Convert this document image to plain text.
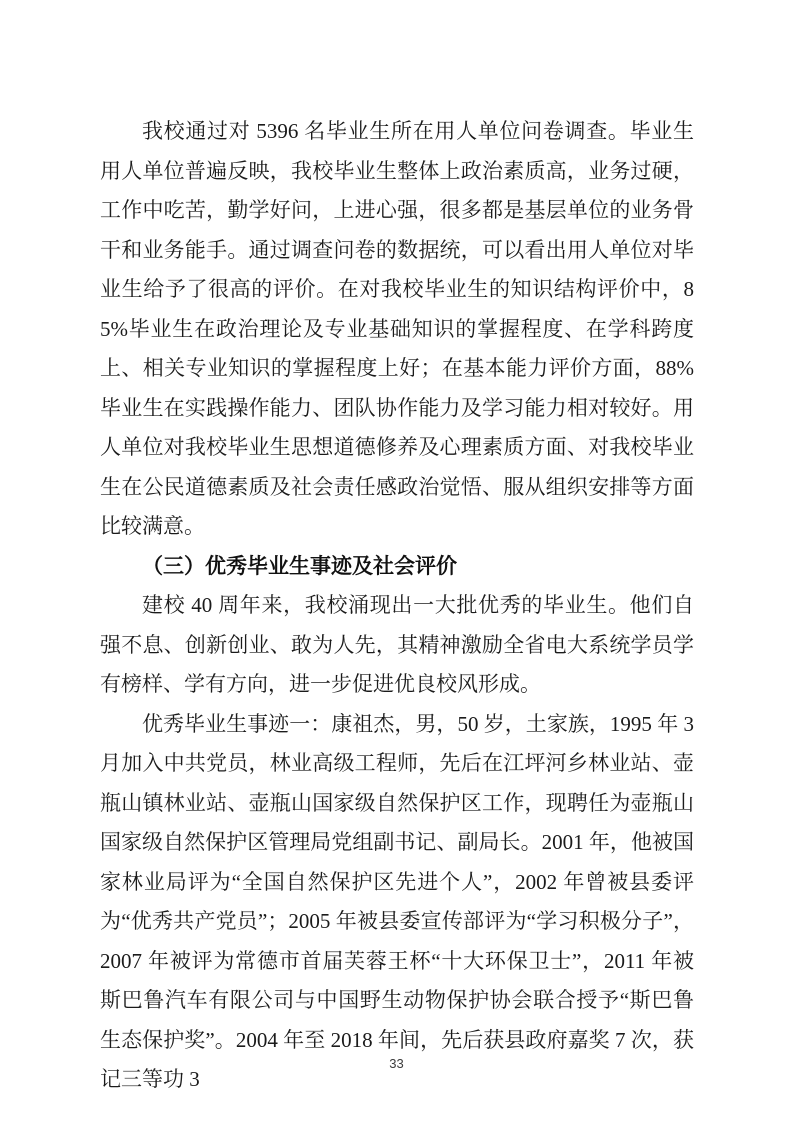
我校通过对 5396 名毕业生所在用人单位问卷调查。毕业生用人单位普遍反映，我校毕业生整体上政治素质高，业务过硬，工作中吃苦，勤学好问，上进心强，很多都是基层单位的业务骨干和业务能手。通过调查问卷的数据统，可以看出用人单位对毕业生给予了很高的评价。在对我校毕业生的知识结构评价中，85%毕业生在政治理论及专业基础知识的掌握程度、在学科跨度上、相关专业知识的掌握程度上好；在基本能力评价方面，88%毕业生在实践操作能力、团队协作能力及学习能力相对较好。用人单位对我校毕业生思想道德修养及心理素质方面、对我校毕业生在公民道德素质及社会责任感政治觉悟、服从组织安排等方面比较满意。

（三）优秀毕业生事迹及社会评价

建校 40 周年来，我校涌现出一大批优秀的毕业生。他们自强不息、创新创业、敢为人先，其精神激励全省电大系统学员学有榜样、学有方向，进一步促进优良校风形成。

优秀毕业生事迹一：康祖杰，男，50 岁，土家族，1995 年 3 月加入中共党员，林业高级工程师，先后在江坪河乡林业站、壶瓶山镇林业站、壶瓶山国家级自然保护区工作，现聘任为壶瓶山国家级自然保护区管理局党组副书记、副局长。2001 年，他被国家林业局评为“全国自然保护区先进个人”，2002 年曾被县委评为“优秀共产党员”；2005 年被县委宣传部评为“学习积极分子”，2007 年被评为常德市首届芙蓉王杯“十大环保卫士”，2011 年被斯巴鲁汽车有限公司与中国野生动物保护协会联合授予“斯巴鲁生态保护奖”。2004 年至 2018 年间，先后获县政府嘉奖 7 次，获记三等功 3

33
